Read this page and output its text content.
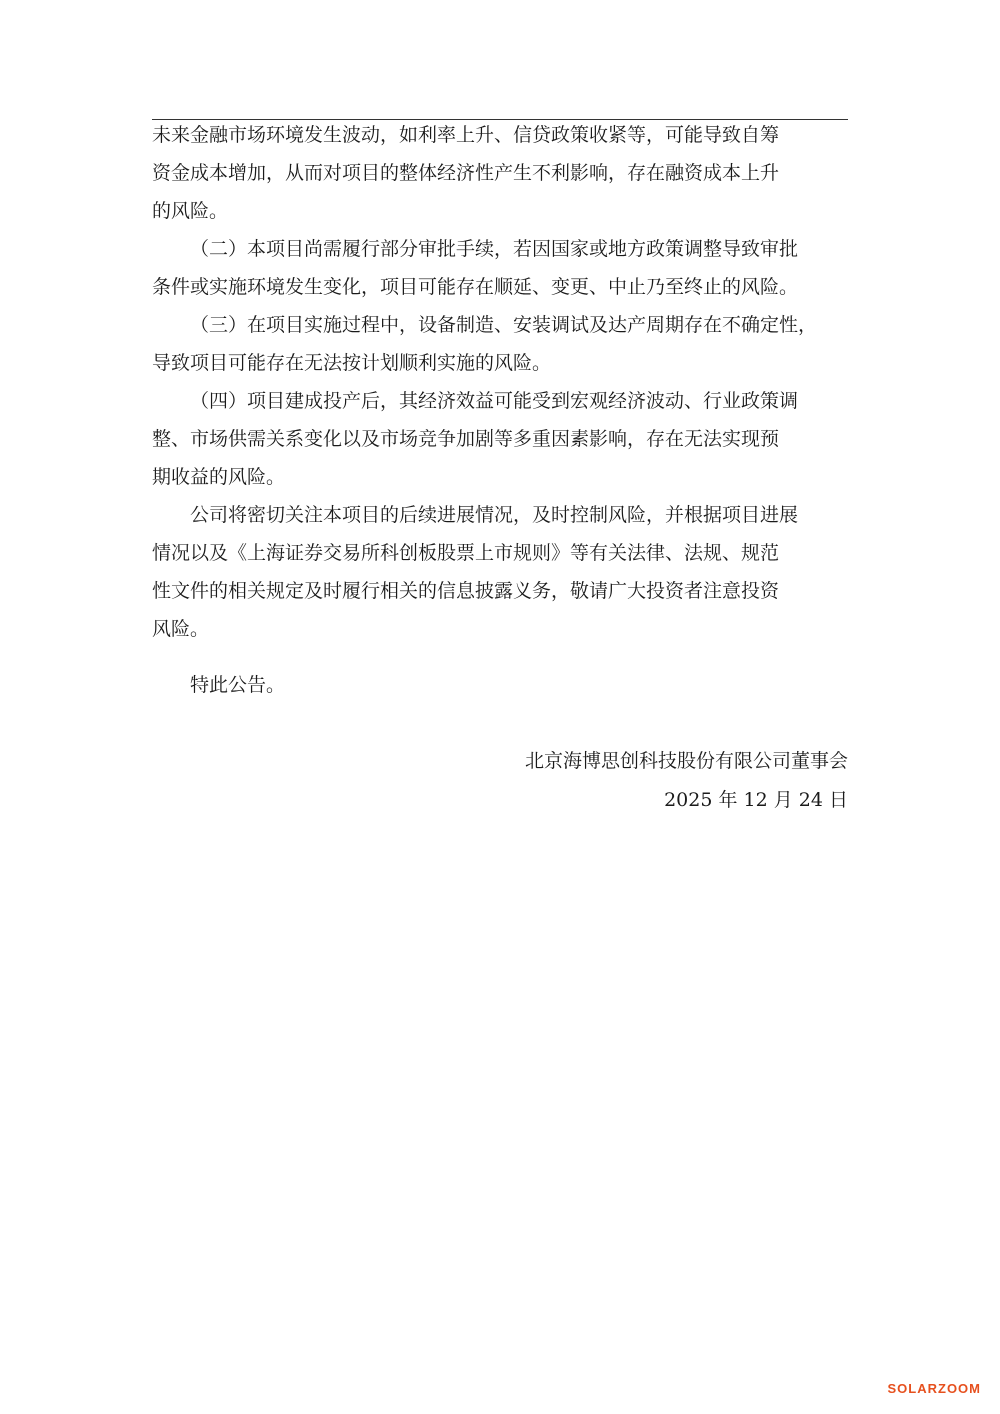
未来金融市场环境发生波动，如利率上升、信贷政策收紧等，可能导致自筹
资金成本增加，从而对项目的整体经济性产生不利影响，存在融资成本上升
的风险。
（二）本项目尚需履行部分审批手续，若因国家或地方政策调整导致审批
条件或实施环境发生变化，项目可能存在顺延、变更、中止乃至终止的风险。
（三）在项目实施过程中，设备制造、安装调试及达产周期存在不确定性，
导致项目可能存在无法按计划顺利实施的风险。
（四）项目建成投产后，其经济效益可能受到宏观经济波动、行业政策调
整、市场供需关系变化以及市场竞争加剧等多重因素影响，存在无法实现预
期收益的风险。
公司将密切关注本项目的后续进展情况，及时控制风险，并根据项目进展
情况以及《上海证券交易所科创板股票上市规则》等有关法律、法规、规范
性文件的相关规定及时履行相关的信息披露义务，敬请广大投资者注意投资
风险。
特此公告。
北京海博思创科技股份有限公司董事会
2025 年 12 月 24 日
SOLARZOOM
